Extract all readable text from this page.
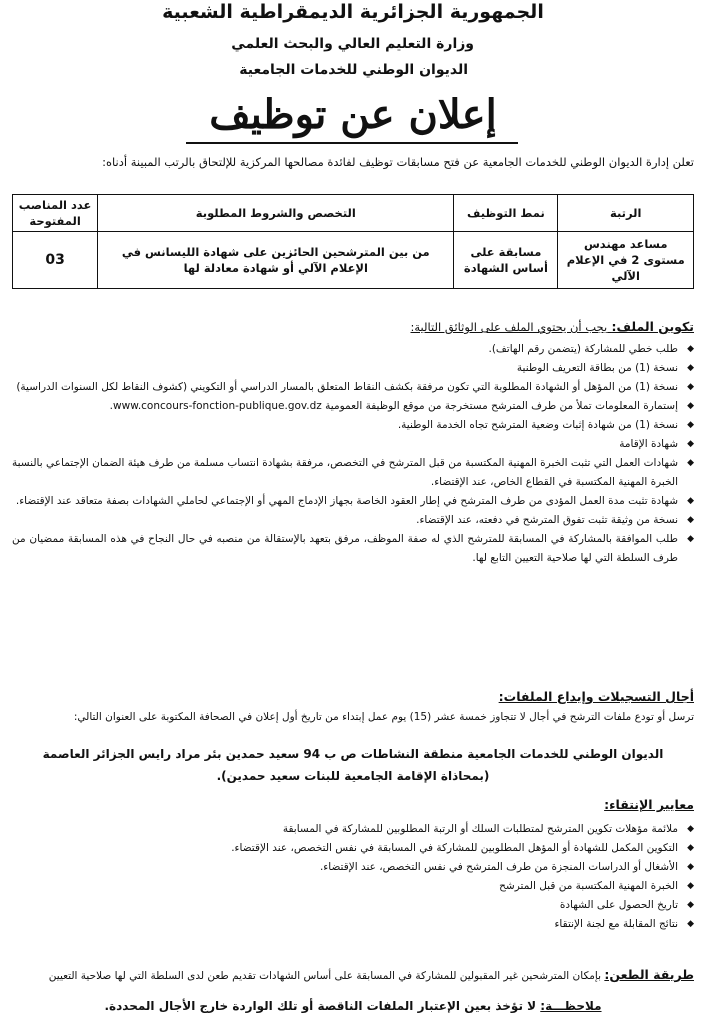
الجمهورية الجزائرية الديمقراطية الشعبية
وزارة التعليم العالي والبحث العلمي
الديوان الوطني للخدمات الجامعية
إعلان عن توظيف
تعلن إدارة الديوان الوطني للخدمات الجامعية عن فتح مسابقات توظيف لفائدة مصالحها المركزية للإلتحاق بالرتب المبينة أدناه:
الرتبة	نمط التوظيف	التخصص والشروط المطلوبة	عدد المناصب المفتوحة
مساعد مهندس مستوى 2 في الإعلام الآلي	مسابقة على أساس الشهادة	من بين المترشحين الحائزين على شهادة الليسانس في الإعلام الآلي أو شهادة معادلة لها	03
تكوين الملف: يجب أن يحتوي الملف على الوثائق التالية:
◆ طلب خطي للمشاركة (يتضمن رقم الهاتف).
◆ نسخة (1) من بطاقة التعريف الوطنية
◆ نسخة (1) من المؤهل أو الشهادة المطلوبة التي تكون مرفقة بكشف النقاط المتعلق بالمسار الدراسي أو التكويني (كشوف النقاط لكل السنوات الدراسية)
◆ إستمارة المعلومات تملأ من طرف المترشح مستخرجة من موقع الوظيفة العمومية www.concours-fonction-publique.gov.dz.
◆ نسخة (1) من شهادة إثبات وضعية المترشح تجاه الخدمة الوطنية.
◆ شهادة الإقامة
◆ شهادات العمل التي تثبت الخبرة المهنية المكتسبة من قبل المترشح في التخصص، مرفقة بشهادة انتساب مسلمة من طرف هيئة الضمان الإجتماعي بالنسبة الخبرة المهنية المكتسبة في القطاع الخاص، عند الإقتضاء.
◆ شهادة تثبت مدة العمل المؤدى من طرف المترشح في إطار العقود الخاصة بجهاز الإدماج المهي أو الإجتماعي لحاملي الشهادات بصفة متعاقد عند الإقتضاء.
◆ نسخة من وثيقة تثبت تفوق المترشح في دفعته، عند الإقتضاء.
◆ طلب الموافقة بالمشاركة في المسابقة للمترشح الذي له صفة الموظف، مرفق بتعهد بالإستقالة من منصبه في حال النجاح في هذه المسابقة ممضيان من طرف السلطة التي لها صلاحية التعيين التابع لها.
أجال التسجيلات وإيداع الملفات:
ترسل أو تودع ملفات الترشح في أجال لا تتجاوز خمسة عشر (15) يوم عمل إبتداء من تاريخ أول إعلان في الصحافة المكتوبة على العنوان التالي:
الديوان الوطني للخدمات الجامعية منطقة النشاطات ص ب 94 سعيد حمدين بئر مراد رايس الجزائر العاصمة
(بمحاذاة الإقامة الجامعية للبنات سعيد حمدين).
معايير الإنتقاء:
◆ ملائمة مؤهلات تكوين المترشح لمتطلبات السلك أو الرتبة المطلوبين للمشاركة في المسابقة
◆ التكوين المكمل للشهادة أو المؤهل المطلوبين للمشاركة في المسابقة في نفس التخصص، عند الإقتضاء.
◆ الأشغال أو الدراسات المنجزة من طرف المترشح في نفس التخصص، عند الإقتضاء.
◆ الخبرة المهنية المكتسبة من قبل المترشح
◆ تاريخ الحصول على الشهادة
◆ نتائج المقابلة مع لجنة الإنتقاء
طريقة الطعن: بإمكان المترشحين غير المقبولين للمشاركة في المسابقة على أساس الشهادات تقديم طعن لدى السلطة التي لها صلاحية التعيين
ملاحظـــة: لا تؤخذ بعين الإعتبار الملفات الناقصة أو تلك الواردة خارج الأجال المحددة.
